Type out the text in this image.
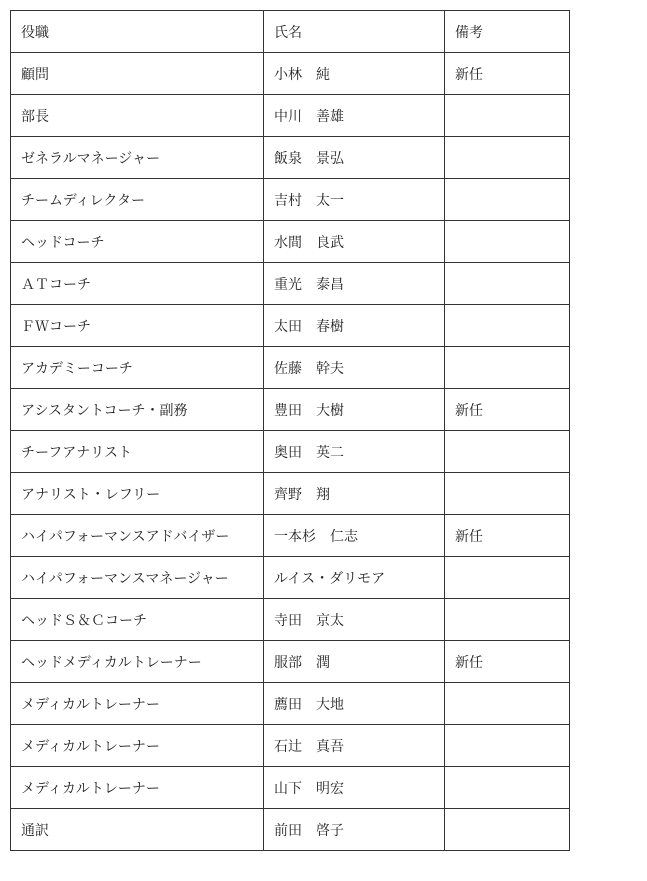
役職	氏名	備考
顧問	小林　純	新任
部長	中川　善雄	
ゼネラルマネージャー	飯泉　景弘	
チームディレクター	吉村　太一	
ヘッドコーチ	水間　良武	
ＡＴコーチ	重光　泰昌	
ＦＷコーチ	太田　春樹	
アカデミーコーチ	佐藤　幹夫	
アシスタントコーチ・副務	豊田　大樹	新任
チーフアナリスト	奥田　英二	
アナリスト・レフリー	齊野　翔	
ハイパフォーマンスアドバイザー	一本杉　仁志	新任
ハイパフォーマンスマネージャー	ルイス・ダリモア	
ヘッドＳ＆Ｃコーチ	寺田　京太	
ヘッドメディカルトレーナー	服部　潤	新任
メディカルトレーナー	薦田　大地	
メディカルトレーナー	石辻　真吾	
メディカルトレーナー	山下　明宏	
通訳	前田　啓子	
